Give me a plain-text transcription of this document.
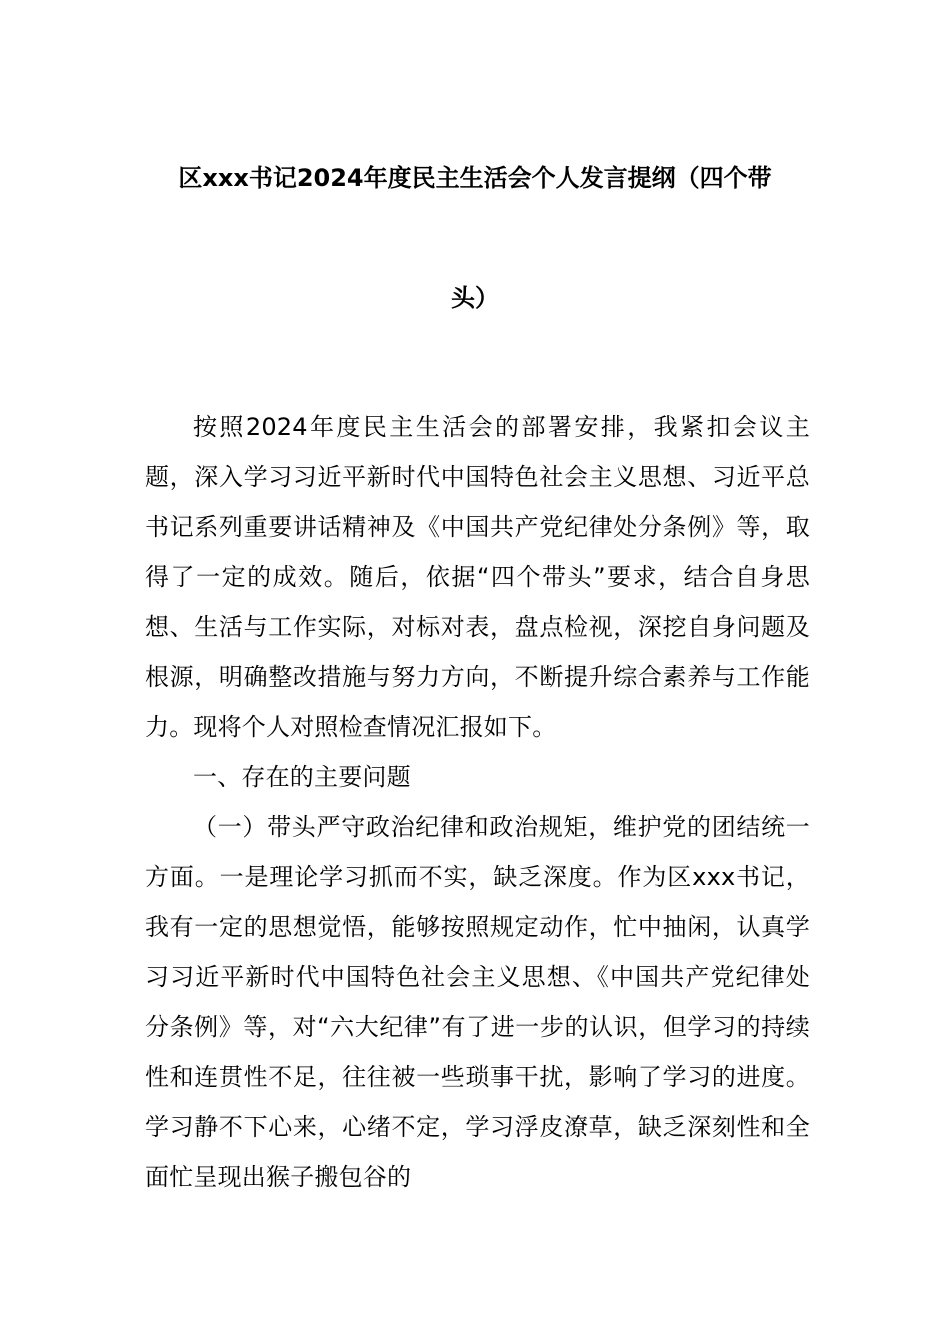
区xxx书记2024年度民主生活会个人发言提纲（四个带
头）

按照2024年度民主生活会的部署安排，我紧扣会议主题，深入学习习近平新时代中国特色社会主义思想、习近平总书记系列重要讲话精神及《中国共产党纪律处分条例》等，取得了一定的成效。随后，依据“四个带头”要求，结合自身思想、生活与工作实际，对标对表，盘点检视，深挖自身问题及根源，明确整改措施与努力方向，不断提升综合素养与工作能力。现将个人对照检查情况汇报如下。

一、存在的主要问题

（一）带头严守政治纪律和政治规矩，维护党的团结统一方面。一是理论学习抓而不实，缺乏深度。作为区xxx书记，我有一定的思想觉悟，能够按照规定动作，忙中抽闲，认真学习习近平新时代中国特色社会主义思想、《中国共产党纪律处分条例》等，对“六大纪律”有了进一步的认识，但学习的持续性和连贯性不足，往往被一些琐事干扰，影响了学习的进度。学习静不下心来，心绪不定，学习浮皮潦草，缺乏深刻性和全面忙呈现出猴子搬包谷的
